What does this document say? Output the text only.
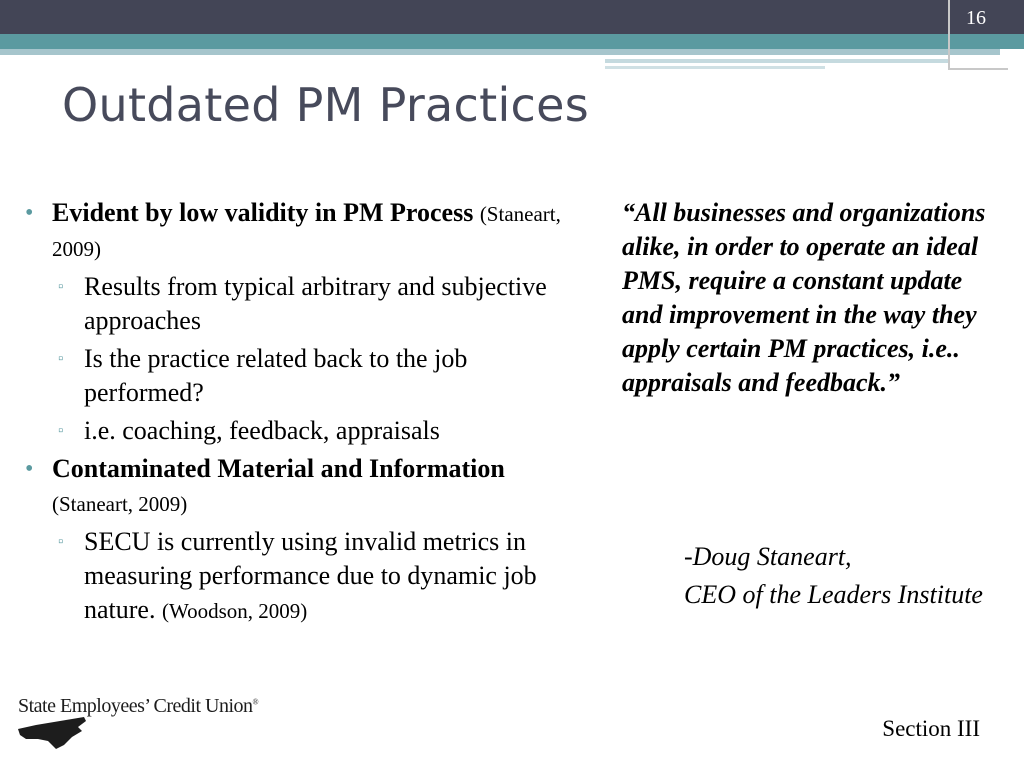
16
Outdated PM Practices
• Evident by low validity in PM Process (Staneart, 2009)
▫ Results from typical arbitrary and subjective approaches
▫ Is the practice related back to the job performed?
▫ i.e. coaching, feedback, appraisals
• Contaminated Material and Information (Staneart, 2009)
▫ SECU is currently using invalid metrics in measuring performance due to dynamic job nature. (Woodson, 2009)
“All businesses and organizations alike, in order to operate an ideal PMS, require a constant update and improvement in the way they apply certain PM practices, i.e.. appraisals and feedback.”
-Doug Staneart,
CEO of the Leaders Institute
State Employees’ Credit Union®
Section III
